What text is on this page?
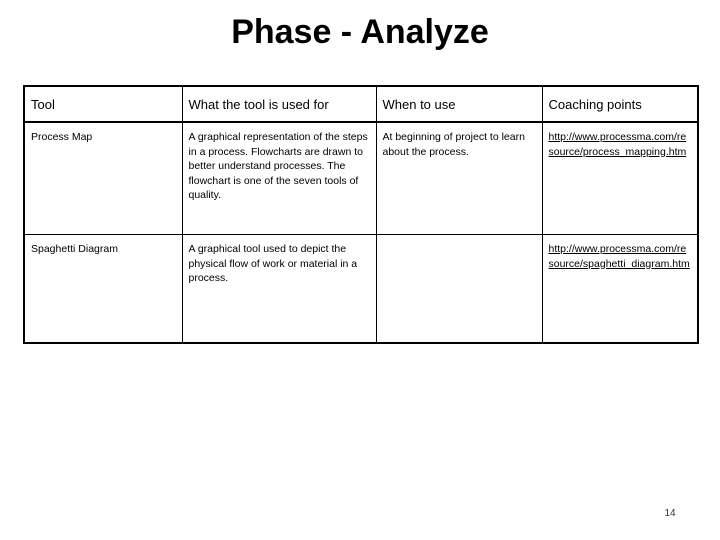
Phase - Analyze
Tool	What the tool is used for	When to use	Coaching points
Process Map	A graphical representation of the steps in a process. Flowcharts are drawn to better understand processes. The flowchart is one of the seven tools of quality.	At beginning of project to learn about the process.	http://www.processma.com/resource/process_mapping.htm
Spaghetti Diagram	A graphical tool used to depict the physical flow of work or material in a process.		http://www.processma.com/resource/spaghetti_diagram.htm
14
